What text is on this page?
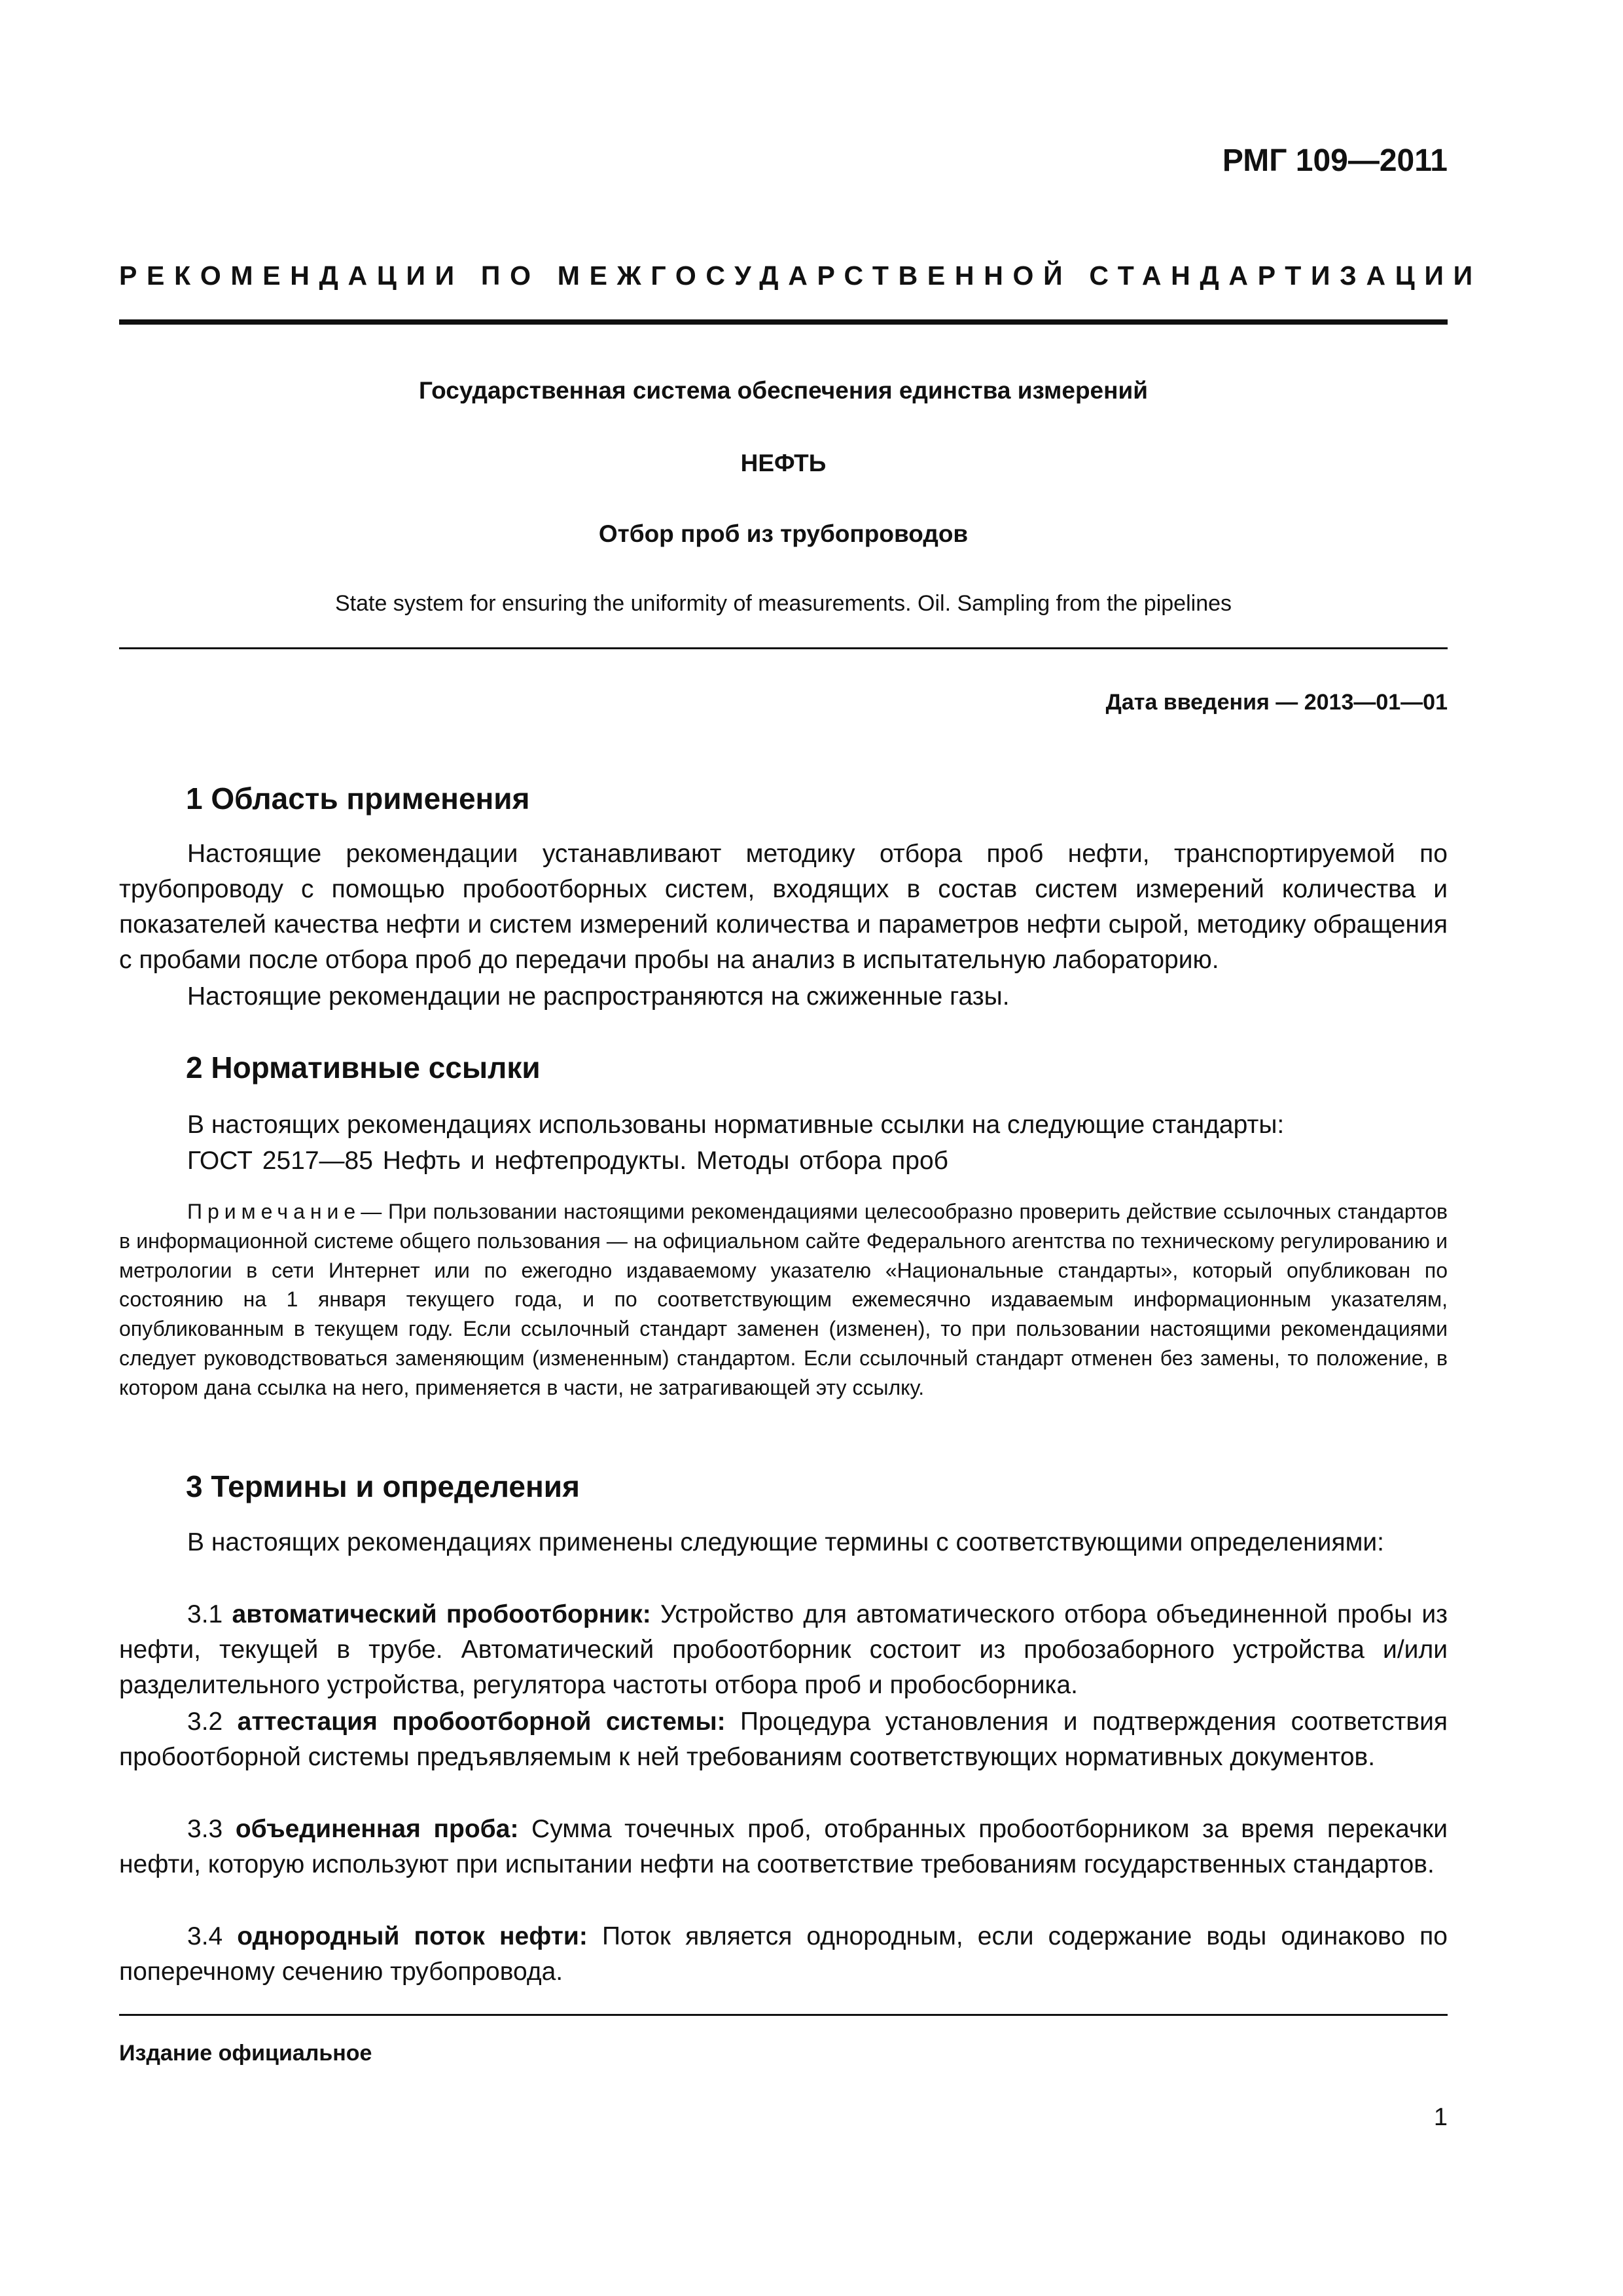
РМГ 109—2011
РЕКОМЕНДАЦИИ ПО МЕЖГОСУДАРСТВЕННОЙ СТАНДАРТИЗАЦИИ
Государственная система обеспечения единства измерений
НЕФТЬ
Отбор проб из трубопроводов
State system for ensuring the uniformity of measurements. Oil. Sampling from the pipelines
Дата введения — 2013—01—01
1 Область применения

Настоящие рекомендации устанавливают методику отбора проб нефти, транспортируемой по трубопроводу с помощью пробоотборных систем, входящих в состав систем измерений количества и показателей качества нефти и систем измерений количества и параметров нефти сырой, методику обращения с пробами после отбора проб до передачи пробы на анализ в испытательную лабораторию.

Настоящие рекомендации не распространяются на сжиженные газы.

2 Нормативные ссылки

В настоящих рекомендациях использованы нормативные ссылки на следующие стандарты:

ГОСТ 2517—85 Нефть и нефтепродукты. Методы отбора проб

Примечание— При пользовании настоящими рекомендациями целесообразно проверить действие ссылочных стандартов в информационной системе общего пользования — на официальном сайте Федерального агентства по техническому регулированию и метрологии в сети Интернет или по ежегодно издаваемому указателю «Национальные стандарты», который опубликован по состоянию на 1 января текущего года, и по соответствующим ежемесячно издаваемым информационным указателям, опубликованным в текущем году. Если ссылочный стандарт заменен (изменен), то при пользовании настоящими рекомендациями следует руководствоваться заменяющим (измененным) стандартом. Если ссылочный стандарт отменен без замены, то положение, в котором дана ссылка на него, применяется в части, не затрагивающей эту ссылку.

3 Термины и определения

В настоящих рекомендациях применены следующие термины с соответствующими определениями:

3.1 автоматический пробоотборник: Устройство для автоматического отбора объединенной пробы из нефти, текущей в трубе. Автоматический пробоотборник состоит из пробозаборного устройства и/или разделительного устройства, регулятора частоты отбора проб и пробосборника.

3.2 аттестация пробоотборной системы: Процедура установления и подтверждения соответствия пробоотборной системы предъявляемым к ней требованиям соответствующих нормативных документов.

3.3 объединенная проба: Сумма точечных проб, отобранных пробоотборником за время перекачки нефти, которую используют при испытании нефти на соответствие требованиям государственных стандартов.

3.4 однородный поток нефти: Поток является однородным, если содержание воды одинаково по поперечному сечению трубопровода.

Издание официальное
1
